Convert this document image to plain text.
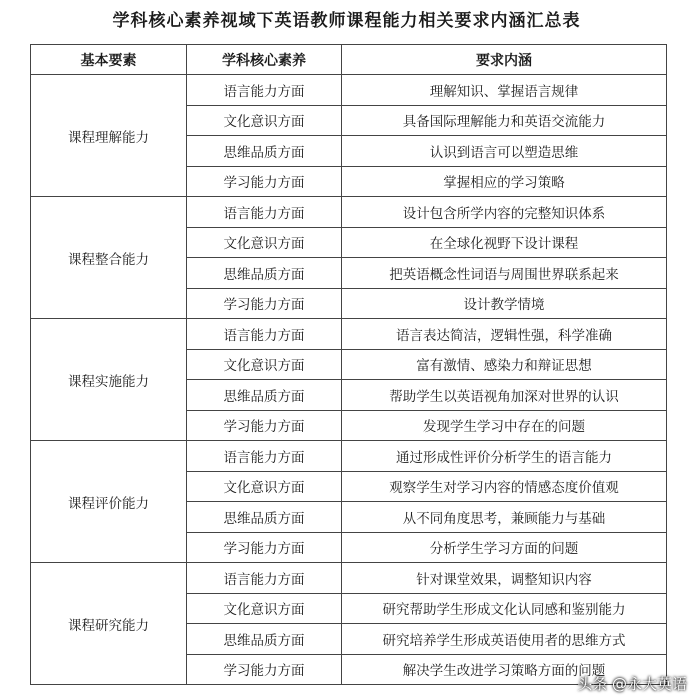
学科核心素养视域下英语教师课程能力相关要求内涵汇总表
基本要素	学科核心素养	要求内涵
课程理解能力	语言能力方面	理解知识、掌握语言规律
	文化意识方面	具备国际理解能力和英语交流能力
	思维品质方面	认识到语言可以塑造思维
	学习能力方面	掌握相应的学习策略
课程整合能力	语言能力方面	设计包含所学内容的完整知识体系
	文化意识方面	在全球化视野下设计课程
	思维品质方面	把英语概念性词语与周围世界联系起来
	学习能力方面	设计教学情境
课程实施能力	语言能力方面	语言表达简洁，逻辑性强，科学准确
	文化意识方面	富有激情、感染力和辩证思想
	思维品质方面	帮助学生以英语视角加深对世界的认识
	学习能力方面	发现学生学习中存在的问题
课程评价能力	语言能力方面	通过形成性评价分析学生的语言能力
	文化意识方面	观察学生对学习内容的情感态度价值观
	思维品质方面	从不同角度思考，兼顾能力与基础
	学习能力方面	分析学生学习方面的问题
课程研究能力	语言能力方面	针对课堂效果，调整知识内容
	文化意识方面	研究帮助学生形成文化认同感和鉴别能力
	思维品质方面	研究培养学生形成英语使用者的思维方式
	学习能力方面	解决学生改进学习策略方面的问题
头条 @永大英语
